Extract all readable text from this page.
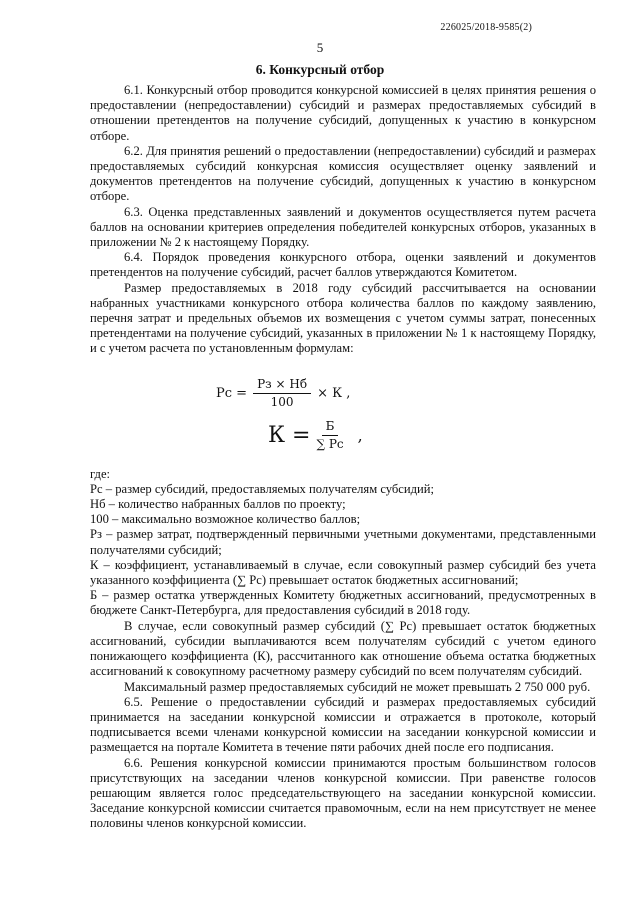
226025/2018-9585(2)
5
6. Конкурсный отбор

6.1. Конкурсный отбор проводится конкурсной комиссией в целях принятия решения о предоставлении (непредоставлении) субсидий и размерах предоставляемых субсидий в отношении претендентов на получение субсидий, допущенных к участию в конкурсном отборе.

6.2. Для принятия решений о предоставлении (непредоставлении) субсидий и размерах предоставляемых субсидий конкурсная комиссия осуществляет оценку заявлений и документов претендентов на получение субсидий, допущенных к участию в конкурсном отборе.

6.3. Оценка представленных заявлений и документов осуществляется путем расчета баллов на основании критериев определения победителей конкурсных отборов, указанных в приложении № 2 к настоящему Порядку.

6.4. Порядок проведения конкурсного отбора, оценки заявлений и документов претендентов на получение субсидий, расчет баллов утверждаются Комитетом.

Размер предоставляемых в 2018 году субсидий рассчитывается на основании набранных участниками конкурсного отбора количества баллов по каждому заявлению, перечня затрат и предельных объемов их возмещения с учетом суммы затрат, понесенных претендентами на получение субсидий, указанных в приложении № 1 к настоящему Порядку, и с учетом расчета по установленным формулам:

Рс = $\frac{Рз \times Нб}{100} \times К$ ,
$К = \frac{Б}{\sum Рс}$ ,

где:

Рс – размер субсидий, предоставляемых получателям субсидий;

Нб – количество набранных баллов по проекту;

100 – максимально возможное количество баллов;

Рз – размер затрат, подтвержденный первичными учетными документами, представленными получателями субсидий;

К – коэффициент, устанавливаемый в случае, если совокупный размер субсидий без учета указанного коэффициента (∑ Рс) превышает остаток бюджетных ассигнований;

Б – размер остатка утвержденных Комитету бюджетных ассигнований, предусмотренных в бюджете Санкт-Петербурга, для предоставления субсидий в 2018 году.

В случае, если совокупный размер субсидий (∑ Рс) превышает остаток бюджетных ассигнований, субсидии выплачиваются всем получателям субсидий с учетом единого понижающего коэффициента (К), рассчитанного как отношение объема остатка бюджетных ассигнований к совокупному расчетному размеру субсидий по всем получателям субсидий.

Максимальный размер предоставляемых субсидий не может превышать 2 750 000 руб.

6.5. Решение о предоставлении субсидий и размерах предоставляемых субсидий принимается на заседании конкурсной комиссии и отражается в протоколе, который подписывается всеми членами конкурсной комиссии на заседании конкурсной комиссии и размещается на портале Комитета в течение пяти рабочих дней после его подписания.

6.6. Решения конкурсной комиссии принимаются простым большинством голосов присутствующих на заседании членов конкурсной комиссии. При равенстве голосов решающим является голос председательствующего на заседании конкурсной комиссии. Заседание конкурсной комиссии считается правомочным, если на нем присутствует не менее половины членов конкурсной комиссии.
